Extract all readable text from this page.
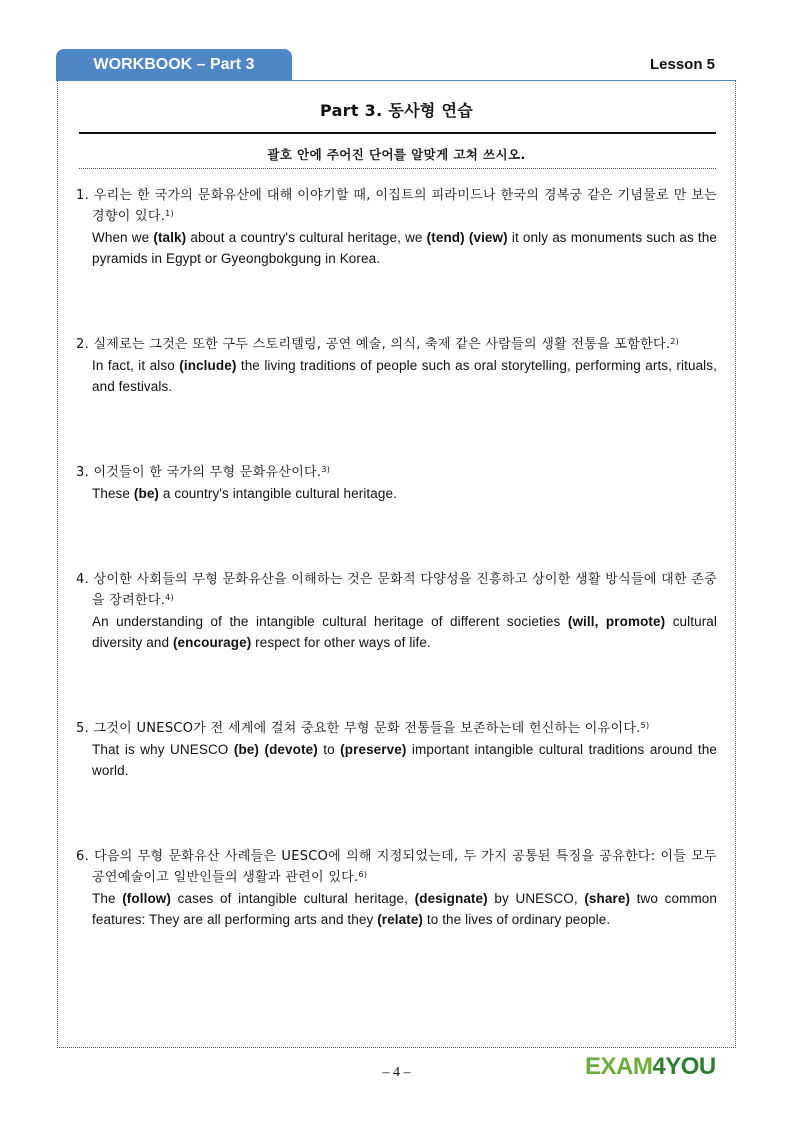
WORKBOOK – Part 3	Lesson 5
Part 3. 동사형 연습
괄호 안에 주어진 단어를 알맞게 고쳐 쓰시오.

1. 우리는 한 국가의 문화유산에 대해 이야기할 때, 이집트의 피라미드나 한국의 경복궁 같은 기념물로 만 보는 경향이 있다.$^{1)}$

When we (talk) about a country's cultural heritage, we (tend) (view) it only as monuments such as the pyramids in Egypt or Gyeongbokgung in Korea.

2. 실제로는 그것은 또한 구두 스토리텔링, 공연 예술, 의식, 축제 같은 사람들의 생활 전통을 포함한다.$^{2)}$

In fact, it also (include) the living traditions of people such as oral storytelling, performing arts, rituals, and festivals.

3. 이것들이 한 국가의 무형 문화유산이다.$^{3)}$

These (be) a country's intangible cultural heritage.

4. 상이한 사회들의 무형 문화유산을 이해하는 것은 문화적 다양성을 진흥하고 상이한 생활 방식들에 대한 존중을 장려한다.$^{4)}$

An understanding of the intangible cultural heritage of different societies (will, promote) cultural diversity and (encourage) respect for other ways of life.

5. 그것이 UNESCO가 전 세계에 걸쳐 중요한 무형 문화 전통들을 보존하는데 헌신하는 이유이다.$^{5)}$

That is why UNESCO (be) (devote) to (preserve) important intangible cultural traditions around the world.

6. 다음의 무형 문화유산 사례들은 UESCO에 의해 지정되었는데, 두 가지 공통된 특징을 공유한다: 이들 모두 공연예술이고 일반인들의 생활과 관련이 있다.$^{6)}$

The (follow) cases of intangible cultural heritage, (designate) by UNESCO, (share) two common features: They are all performing arts and they (relate) to the lives of ordinary people.

– 4 –	EXAM4YOU
